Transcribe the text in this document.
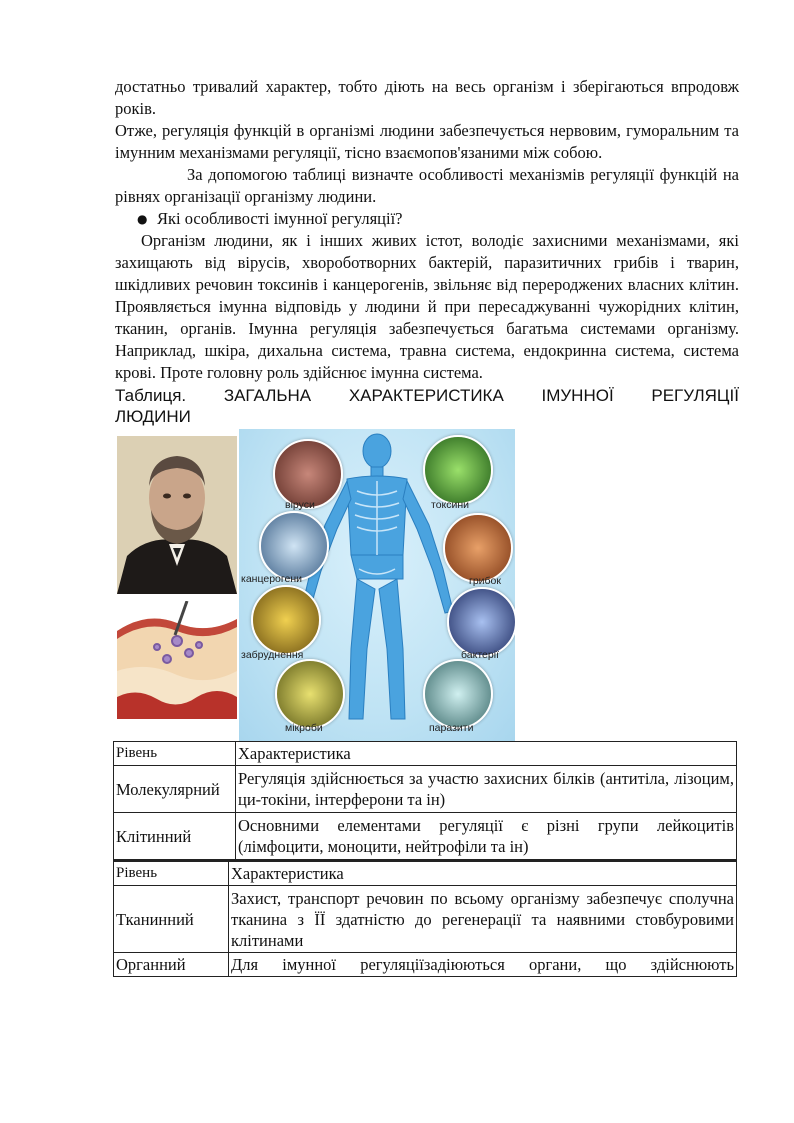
достатньо тривалий характер, тобто діють на весь організм і зберігаються впродовж років.

Отже, регуляція функцій в організмі людини забезпечується нервовим, гуморальним та імунним механізмами регуляції, тісно взаємопов'язаними між собою.

За допомогою таблиці визначте особливості механізмів регуляції функцій на рівнях організації організму людини.

● Які особливості імунної регуляції?

Організм людини, як і інших живих істот, володіє захисними механізмами, які захищають від вірусів, хвороботворних бактерій, паразитичних грибів і тварин, шкідливих речовин токсинів і канцерогенів, звільняє від перероджених власних клітин. Проявляється імунна відповідь у людини й при пересаджуванні чужорідних клітин, тканин, органів. Імунна регуляція забезпечується багатьма системами організму. Наприклад, шкіра, дихальна система, травна система, ендокринна система, система крові. Проте головну роль здійснює імунна система.

Таблиця. ЗАГАЛЬНА ХАРАКТЕРИСТИКА ІМУННОЇ РЕГУЛЯЦІЇ
ЛЮДИНИ
віруси	токсини
канцерогени	грибок
забруднення	бактерії
мікроби	паразити
Рівень	Характеристика
Молекулярний	Регуляція здійснюється за участю захисних білків (антитіла, лізоцим, ци-токіни, інтерферони та ін)
Клітинний	Основними елементами регуляції є різні групи лейкоцитів (лімфоцити, моноцити, нейтрофіли та ін)
Рівень	Характеристика
Тканинний	Захист, транспорт речовин по всьому організму забезпечує сполучна тканина з ЇЇ здатністю до регенерації та наявними стовбуровими клітинами
Органний	Для імунної регуляціїзадіюються органи, що здійснюють
